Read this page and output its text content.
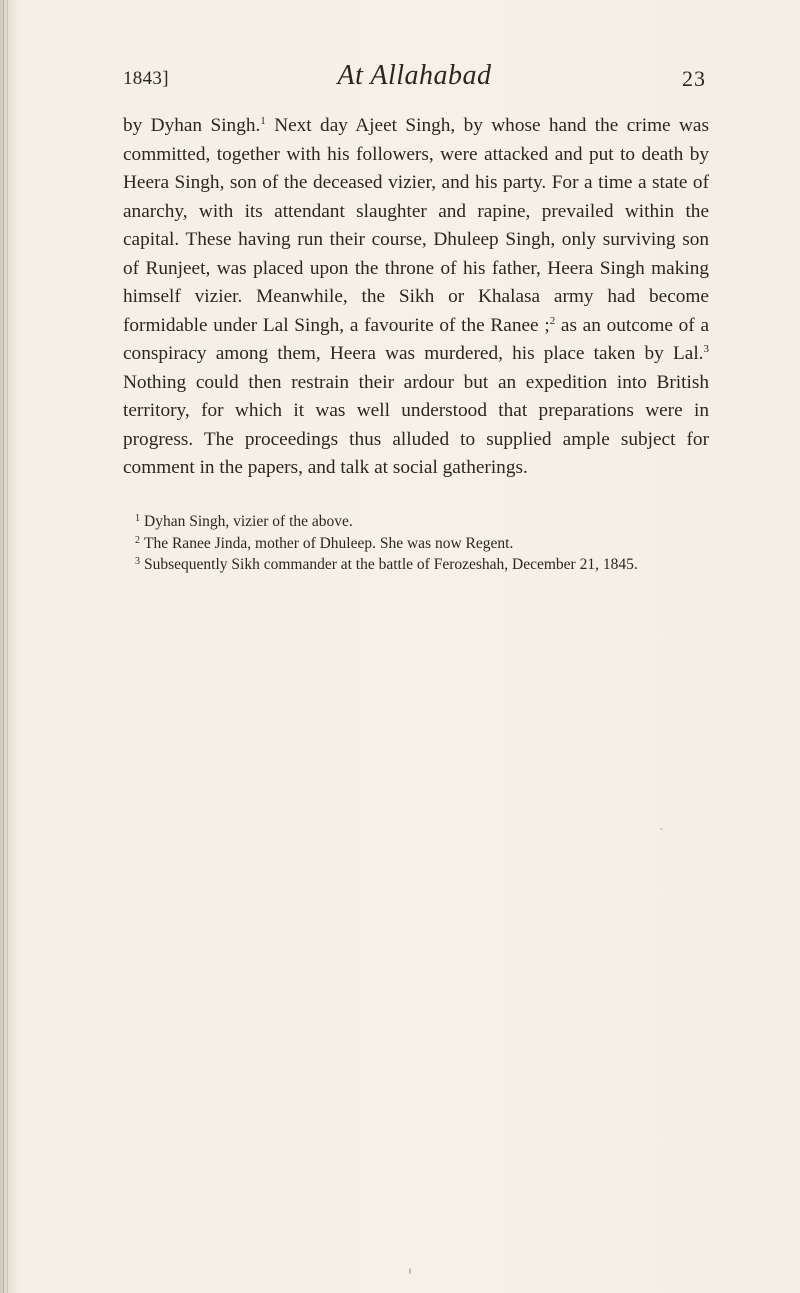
1843]	At Allahabad	23

by Dyhan Singh.$^1$ Next day Ajeet Singh, by whose hand the crime was committed, together with his followers, were attacked and put to death by Heera Singh, son of the deceased vizier, and his party. For a time a state of anarchy, with its attendant slaughter and rapine, prevailed within the capital. These having run their course, Dhuleep Singh, only surviving son of Runjeet, was placed upon the throne of his father, Heera Singh making himself vizier. Meanwhile, the Sikh or Khalasa army had become formidable under Lal Singh, a favourite of the Ranee ;$^2$ as an outcome of a conspiracy among them, Heera was murdered, his place taken by Lal.$^3$ Nothing could then restrain their ardour but an expedition into British territory, for which it was well understood that preparations were in progress. The proceedings thus alluded to supplied ample subject for comment in the papers, and talk at social gatherings.

$^1$ Dyhan Singh, vizier of the above.
$^2$ The Ranee Jinda, mother of Dhuleep. She was now Regent.
$^3$ Subsequently Sikh commander at the battle of Ferozeshah, December 21, 1845.
